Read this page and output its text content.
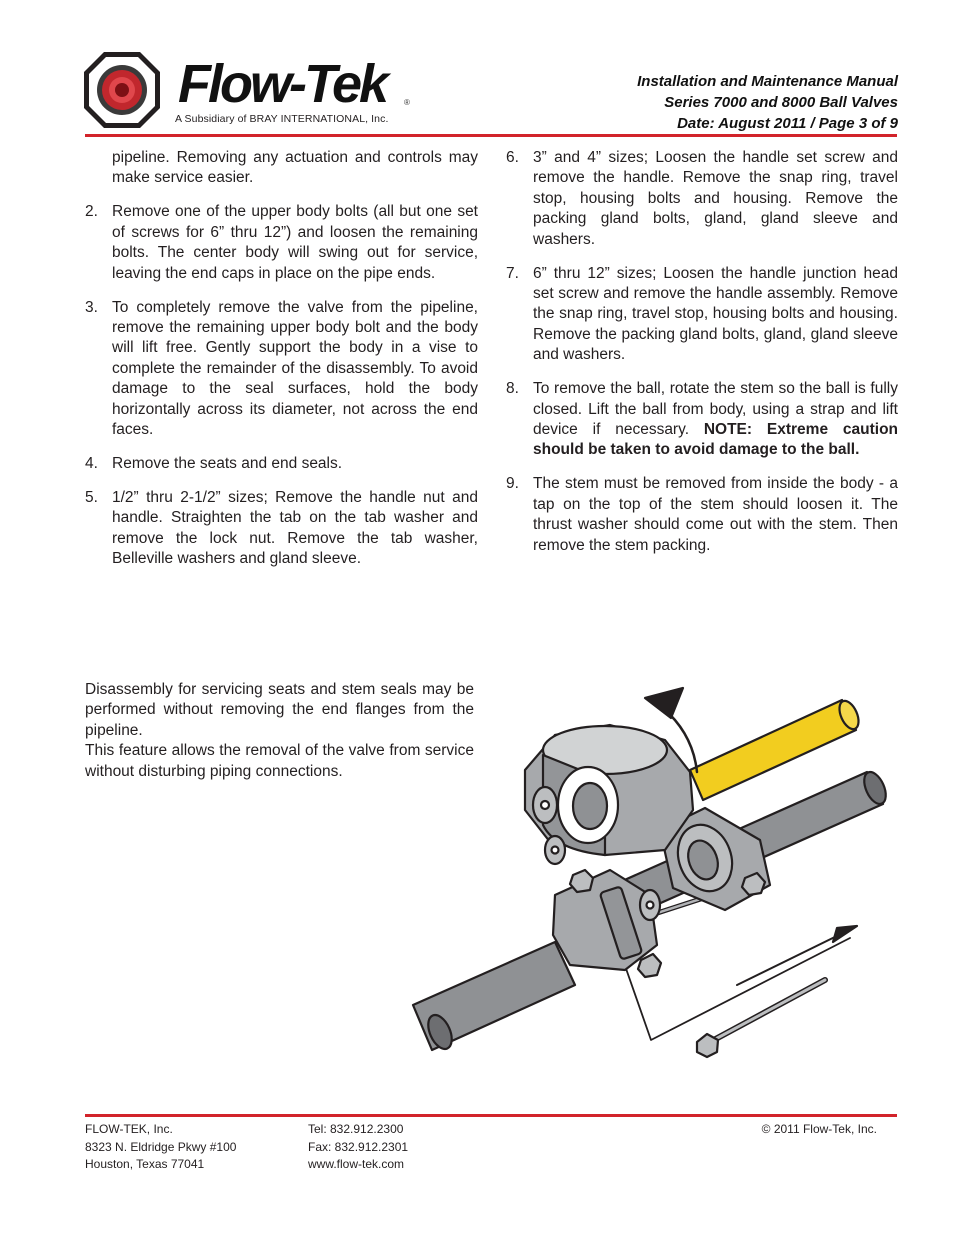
Flow-Tek ®
A Subsidiary of BRAY INTERNATIONAL, Inc.
Installation and Maintenance Manual
Series 7000 and 8000 Ball Valves
Date: August 2011 / Page 3 of 9
pipeline. Removing any actuation and controls may make service easier.
2. Remove one of the upper body bolts (all but one set of screws for 6” thru 12”) and loosen the remaining bolts. The center body will swing out for service, leaving the end caps in place on the pipe ends.
3. To completely remove the valve from the pipeline, remove the remaining upper body bolt and the body will lift free. Gently support the body in a vise to complete the remainder of the disassembly. To avoid damage to the seal surfaces, hold the body horizontally across its diameter, not across the end faces.
4. Remove the seats and end seals.
5. 1/2” thru 2-1/2” sizes; Remove the handle nut and handle. Straighten the tab on the tab washer and remove the lock nut. Remove the tab washer, Belleville washers and gland sleeve.
6. 3” and 4” sizes; Loosen the handle set screw and remove the handle. Remove the snap ring, travel stop, housing bolts and housing. Remove the packing gland bolts, gland, gland sleeve and washers.
7. 6” thru 12” sizes; Loosen the handle junction head set screw and remove the handle assembly. Remove the snap ring, travel stop, housing bolts and housing. Remove the packing gland bolts, gland, gland sleeve and washers.
8. To remove the ball, rotate the stem so the ball is fully closed. Lift the ball from body, using a strap and lift device if necessary. NOTE: Extreme caution should be taken to avoid damage to the ball.
9. The stem must be removed from inside the body - a tap on the top of the stem should loosen it. The thrust washer should come out with the stem. Then remove the stem packing.

Disassembly for servicing seats and stem seals may be performed without removing the end flanges from the pipeline.

This feature allows the removal of the valve from service without disturbing piping connections.

FLOW-TEK, Inc.
8323 N. Eldridge Pkwy #100
Houston, Texas 77041
Tel: 832.912.2300
Fax: 832.912.2301
www.flow-tek.com
© 2011 Flow-Tek, Inc.
